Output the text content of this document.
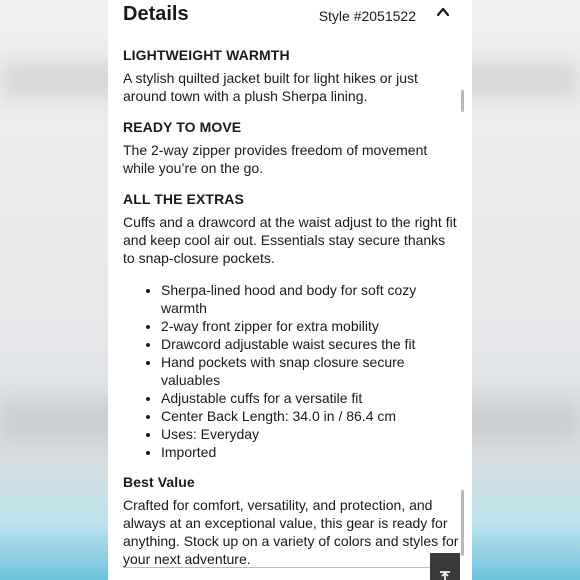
Details	Style #2051522
LIGHTWEIGHT WARMTH

A stylish quilted jacket built for light hikes or just around town with a plush Sherpa lining.

READY TO MOVE

The 2-way zipper provides freedom of movement while you’re on the go.

ALL THE EXTRAS

Cuffs and a drawcord at the waist adjust to the right fit and keep cool air out. Essentials stay secure thanks to snap-closure pockets.

• Sherpa-lined hood and body for soft cozy warmth
• 2-way front zipper for extra mobility
• Drawcord adjustable waist secures the fit
• Hand pockets with snap closure secure valuables
• Adjustable cuffs for a versatile fit
• Center Back Length: 34.0 in / 86.4 cm
• Uses: Everyday
• Imported
Best Value

Crafted for comfort, versatility, and protection, and always at an exceptional value, this gear is ready for anything. Stock up on a variety of colors and styles for your next adventure.
